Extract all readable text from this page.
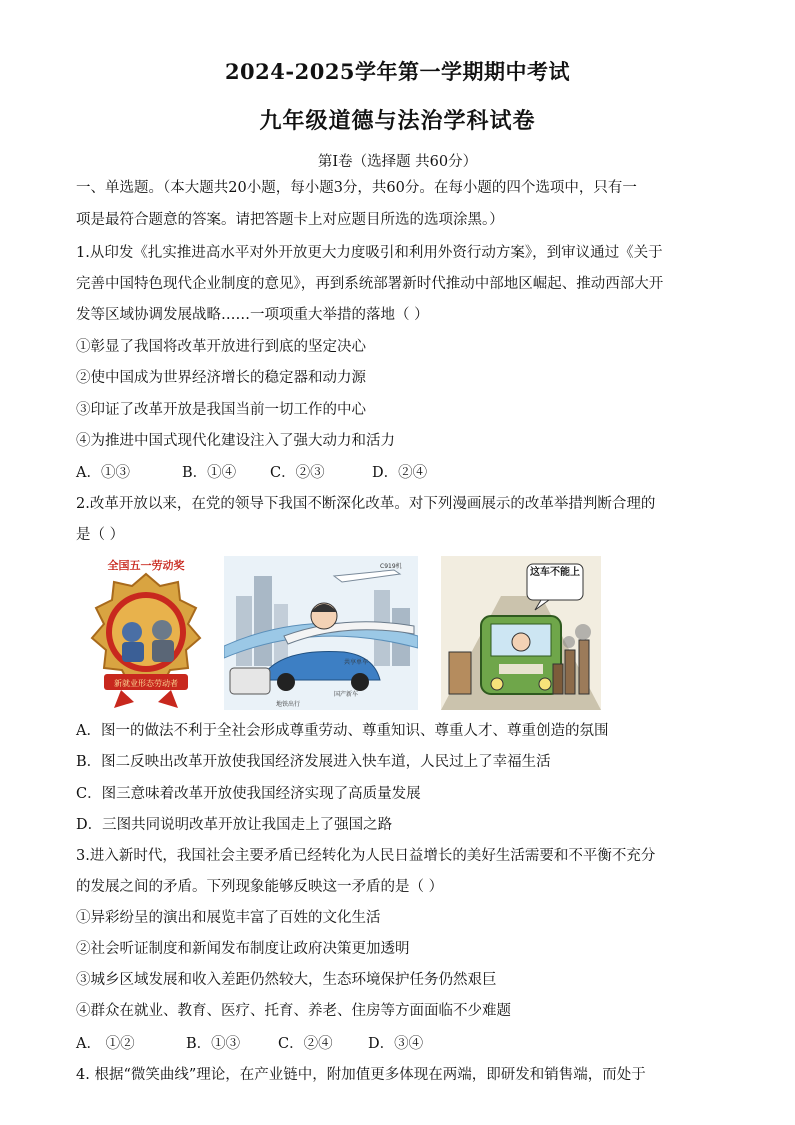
2024-2025学年第一学期期中考试
九年级道德与法治学科试卷
第I卷（选择题 共60分）
一、单选题。（本大题共20小题，每小题3分，共60分。在每小题的四个选项中，只有一
项是最符合题意的答案。请把答题卡上对应题目所选的选项涂黑。）
1.从印发《扎实推进高水平对外开放更大力度吸引和利用外资行动方案》，到审议通过《关于
完善中国特色现代企业制度的意见》，再到系统部署新时代推动中部地区崛起、推动西部大开
发等区域协调发展战略……一项项重大举措的落地（ ）
①彰显了我国将改革开放进行到底的坚定决心
②使中国成为世界经济增长的稳定器和动力源
③印证了改革开放是我国当前一切工作的中心
④为推进中国式现代化建设注入了强大动力和活力
A．①③	B．①④ C．②③	D．②④
2.改革开放以来，在党的领导下我国不断深化改革。对下列漫画展示的改革举措判断合理的
是（ ）
全国五一劳动奖
新就业形态劳动者
C919机
共享单车
国产新车
地铁出行
这车不能上
A．图一的做法不利于全社会形成尊重劳动、尊重知识、尊重人才、尊重创造的氛围
B．图二反映出改革开放使我国经济发展进入快车道，人民过上了幸福生活
C．图三意味着改革开放使我国经济实现了高质量发展
D．三图共同说明改革开放让我国走上了强国之路
3.进入新时代，我国社会主要矛盾已经转化为人民日益增长的美好生活需要和不平衡不充分
的发展之间的矛盾。下列现象能够反映这一矛盾的是（ ）
①异彩纷呈的演出和展览丰富了百姓的文化生活
②社会听证制度和新闻发布制度让政府决策更加透明
③城乡区域发展和收入差距仍然较大，生态环境保护任务仍然艰巨
④群众在就业、教育、医疗、托育、养老、住房等方面面临不少难题
A． ①②	B．①③	C．②④ D．③④
4. 根据“微笑曲线”理论，在产业链中，附加值更多体现在两端，即研发和销售端，而处于
